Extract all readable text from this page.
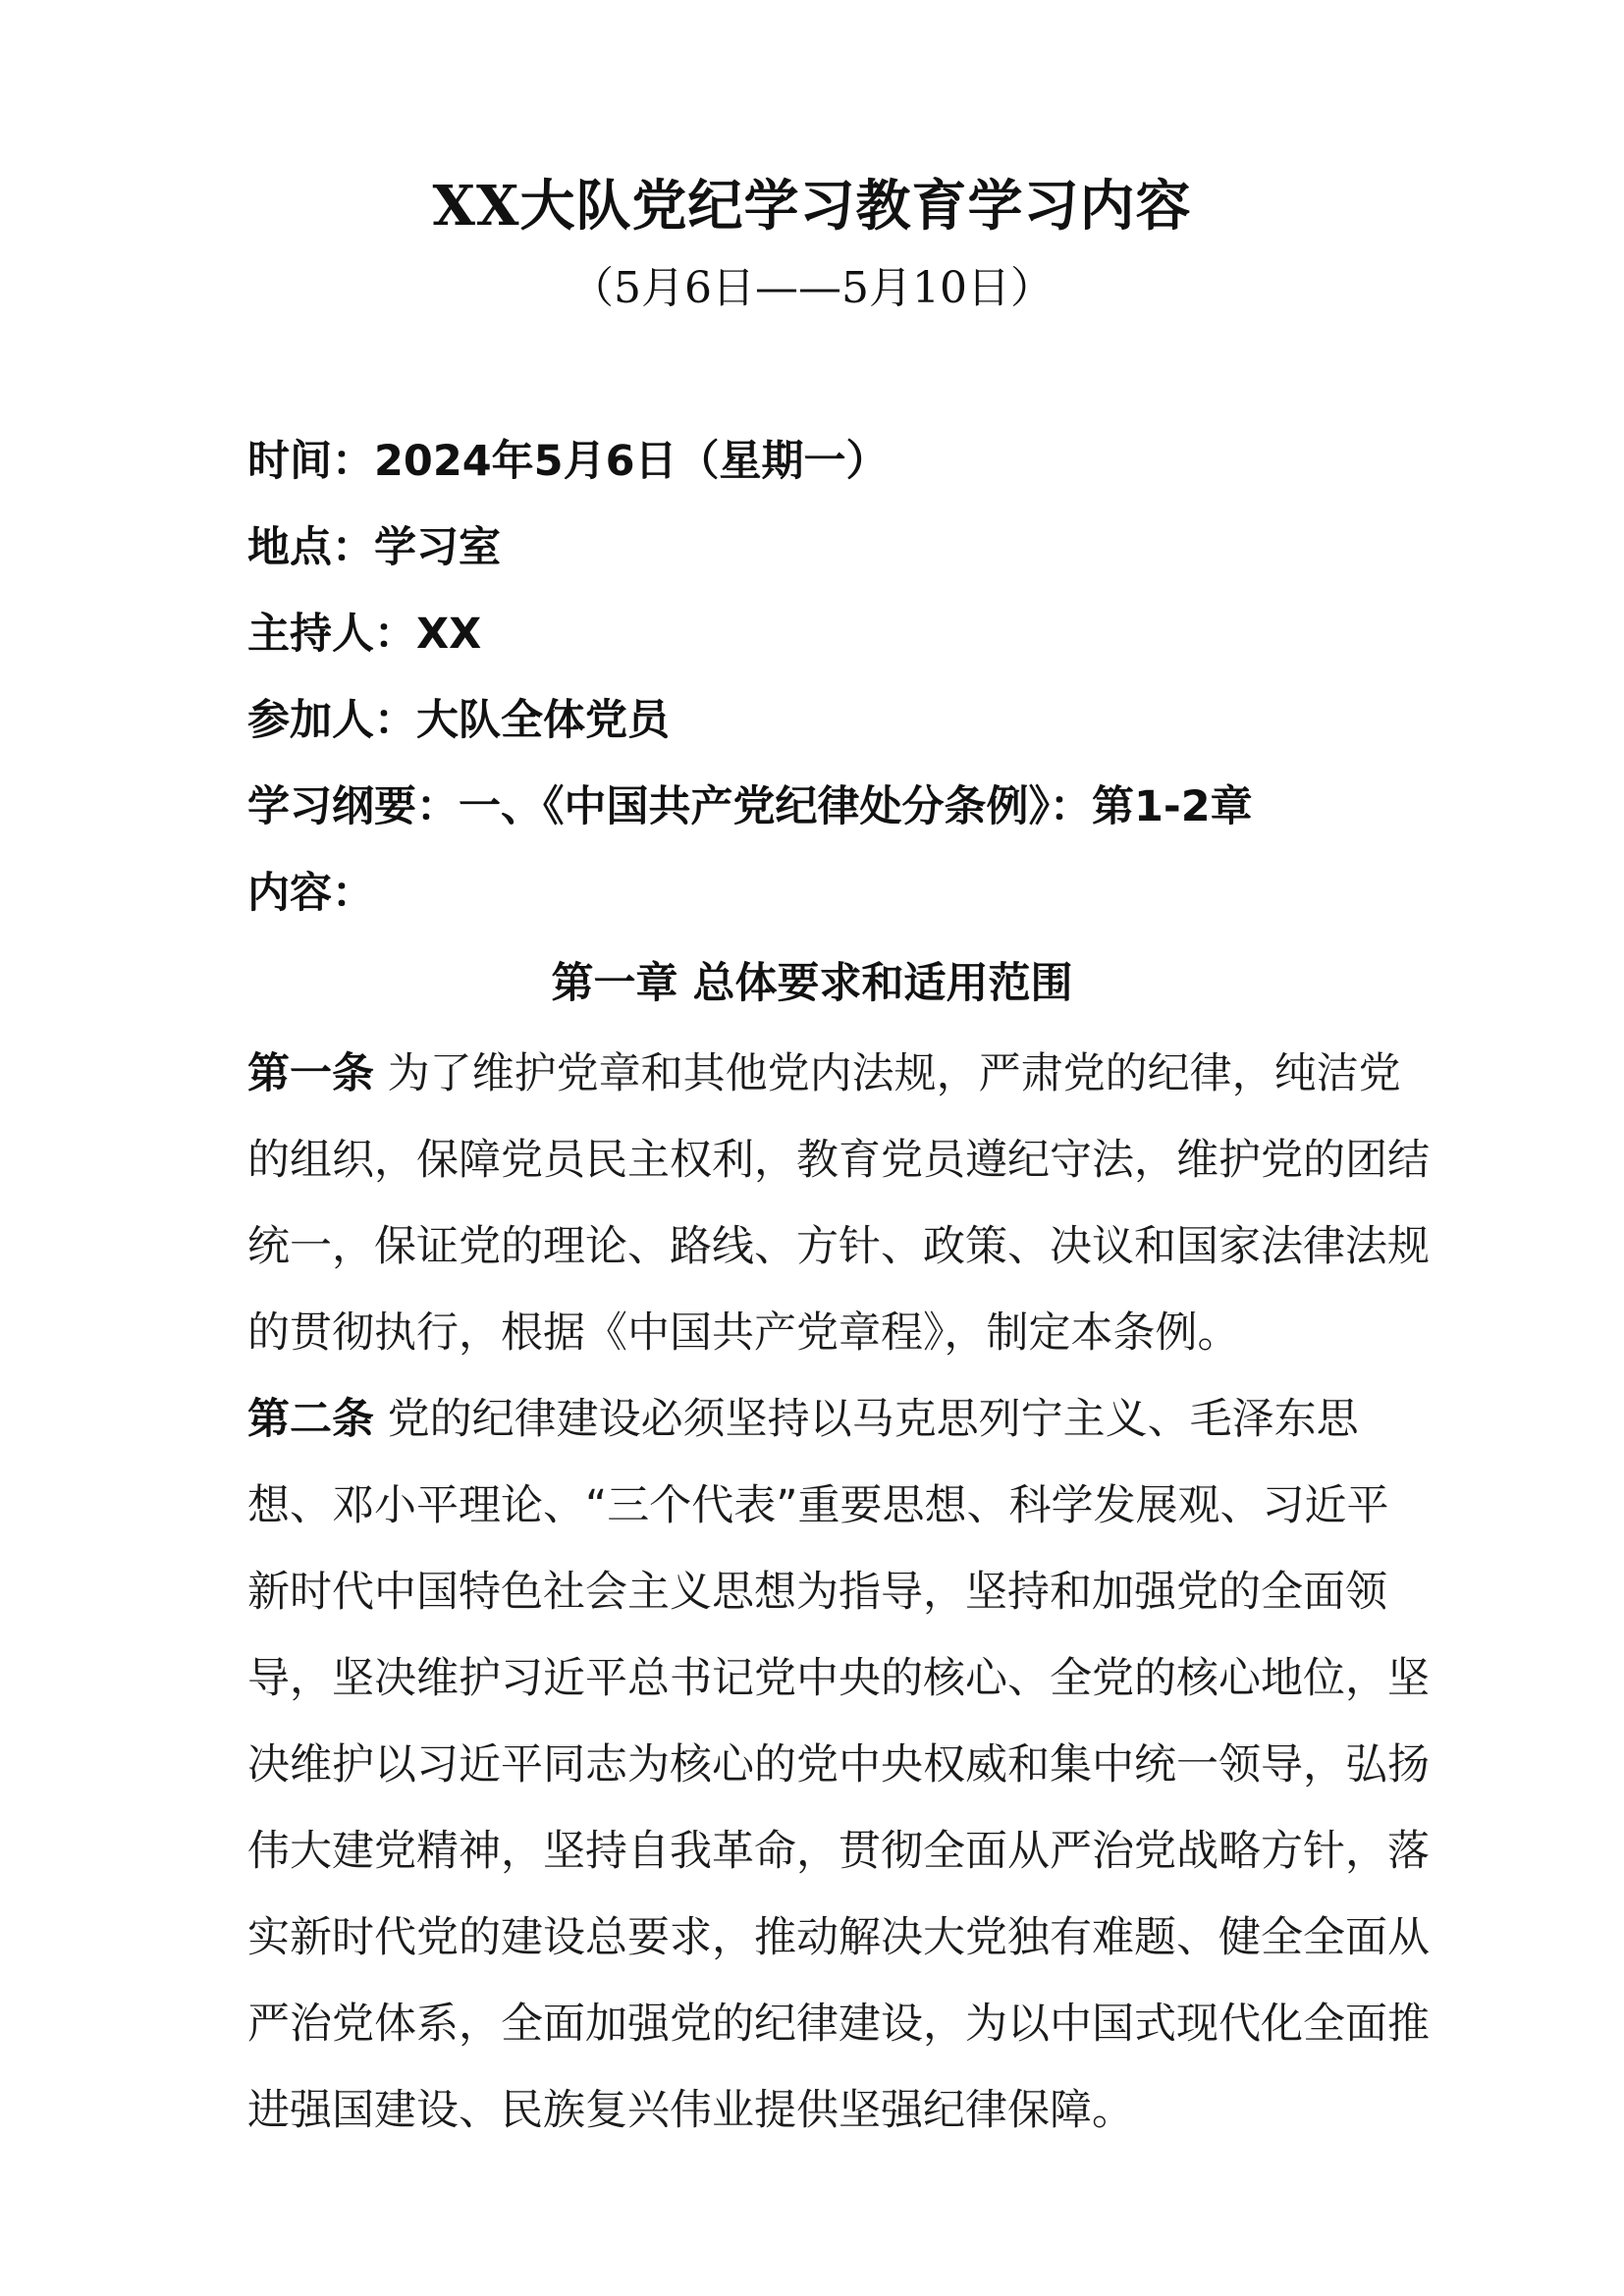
XX大队党纪学习教育学习内容
（5月6日——5月10日）
时间：2024年5月6日（星期一）
地点：学习室
主持人：XX
参加人：大队全体党员
学习纲要：一、《中国共产党纪律处分条例》：第1-2章
内容：
第一章 总体要求和适用范围
第一条 为了维护党章和其他党内法规，严肃党的纪律，纯洁党
的组织，保障党员民主权利，教育党员遵纪守法，维护党的团结
统一，保证党的理论、路线、方针、政策、决议和国家法律法规
的贯彻执行，根据《中国共产党章程》，制定本条例。
第二条 党的纪律建设必须坚持以马克思列宁主义、毛泽东思
想、邓小平理论、“三个代表”重要思想、科学发展观、习近平
新时代中国特色社会主义思想为指导，坚持和加强党的全面领
导，坚决维护习近平总书记党中央的核心、全党的核心地位，坚
决维护以习近平同志为核心的党中央权威和集中统一领导，弘扬
伟大建党精神，坚持自我革命，贯彻全面从严治党战略方针，落
实新时代党的建设总要求，推动解决大党独有难题、健全全面从
严治党体系，全面加强党的纪律建设，为以中国式现代化全面推
进强国建设、民族复兴伟业提供坚强纪律保障。
